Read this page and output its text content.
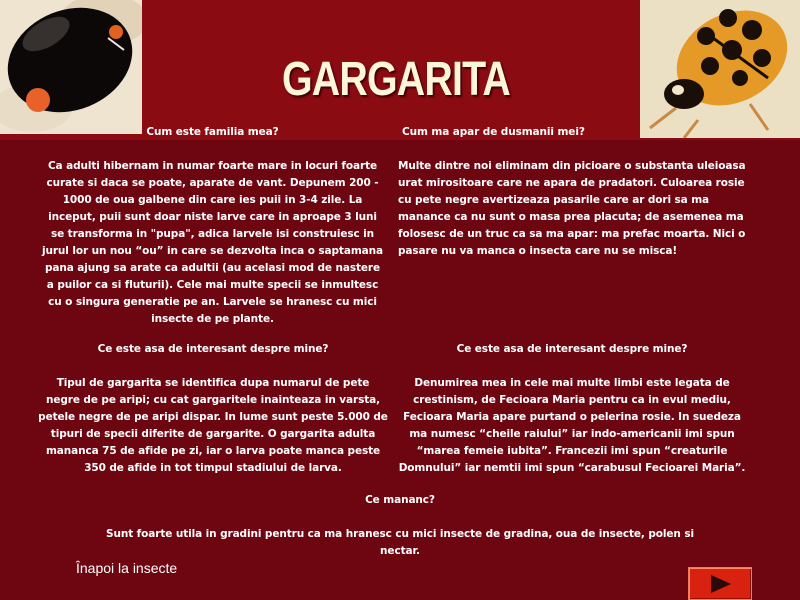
GARGARITA

Cum este familia mea?

Ca adulti hibernam in numar foarte mare in locuri foarte curate si daca se poate, aparate de vant. Depunem 200 - 1000 de oua galbene din care ies puii in 3-4 zile. La inceput, puii sunt doar niste larve care in aproape 3 luni se transforma in "pupa", adica larvele isi construiesc in jurul lor un nou “ou” in care se dezvolta inca o saptamana pana ajung sa arate ca adultii (au acelasi mod de nastere a puilor ca si fluturii). Cele mai multe specii se inmultesc cu o singura generatie pe an. Larvele se hranesc cu mici insecte de pe plante.

Cum ma apar de dusmanii mei?

Multe dintre noi eliminam din picioare o substanta uleioasa urat mirositoare care ne apara de pradatori. Culoarea rosie cu pete negre avertizeaza pasarile care ar dori sa ma manance ca nu sunt o masa prea placuta; de asemenea ma folosesc de un truc ca sa ma apar: ma prefac moarta. Nici o pasare nu va manca o insecta care nu se misca!

Ce este asa de interesant despre mine?

Tipul de gargarita se identifica dupa numarul de pete negre de pe aripi; cu cat gargaritele inainteaza in varsta, petele negre de pe aripi dispar. In lume sunt peste 5.000 de tipuri de specii diferite de gargarite. O gargarita adulta mananca 75 de afide pe zi, iar o larva poate manca peste 350 de afide in tot timpul stadiului de larva.

Ce este asa de interesant despre mine?

Denumirea mea in cele mai multe limbi este legata de crestinism, de Fecioara Maria pentru ca in evul mediu, Fecioara Maria apare purtand o pelerina rosie. In suedeza ma numesc “cheile raiului” iar indo-americanii imi spun “marea femeie iubita”. Francezii imi spun “creaturile Domnului” iar nemtii imi spun “carabusul Fecioarei Maria”.

Ce mananc?

Sunt foarte utila in gradini pentru ca ma hranesc cu mici insecte de gradina, oua de insecte, polen si nectar.

Înapoi la insecte
